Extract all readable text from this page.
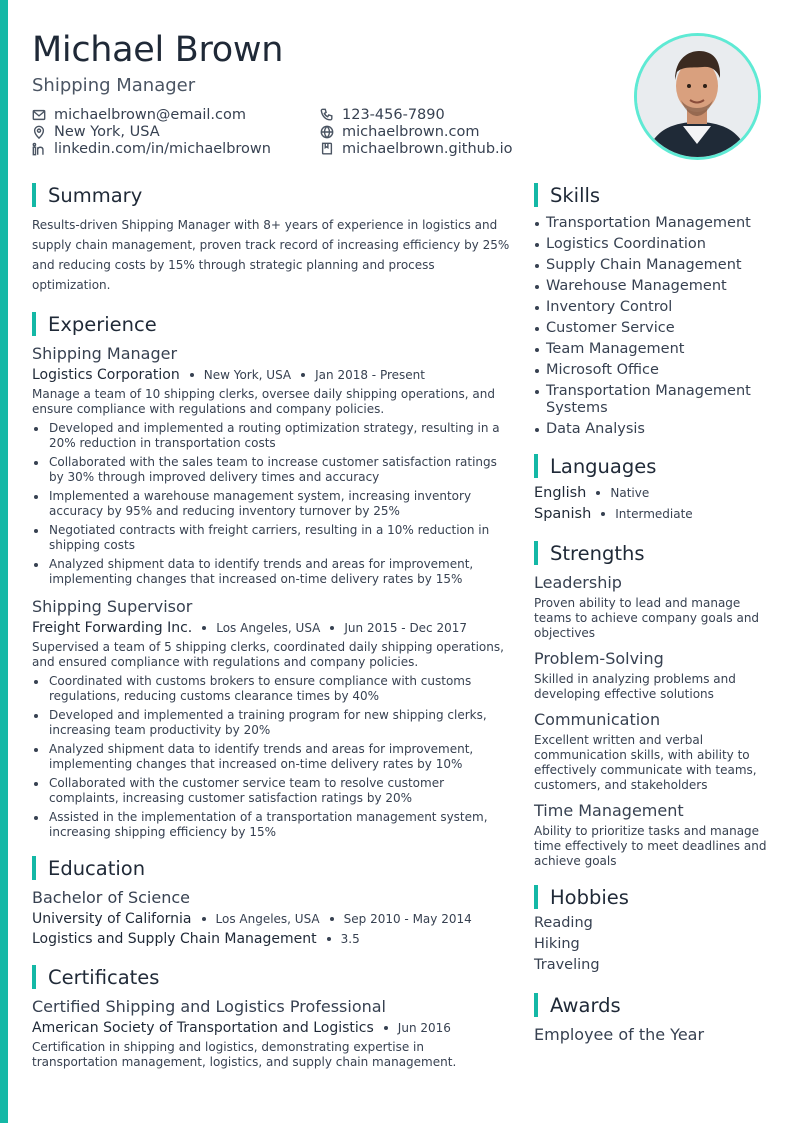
Michael Brown
Shipping Manager
michaelbrown@email.com	123-456-7890
New York, USA	michaelbrown.com
linkedin.com/in/michaelbrown	michaelbrown.github.io
Summary
Results-driven Shipping Manager with 8+ years of experience in logistics and supply chain management, proven track record of increasing efficiency by 25% and reducing costs by 15% through strategic planning and process optimization.
Experience
Shipping Manager
Logistics Corporation New York, USA Jan 2018 - Present
Manage a team of 10 shipping clerks, oversee daily shipping operations, and ensure compliance with regulations and company policies.
Developed and implemented a routing optimization strategy, resulting in a 20% reduction in transportation costs
Collaborated with the sales team to increase customer satisfaction ratings by 30% through improved delivery times and accuracy
Implemented a warehouse management system, increasing inventory accuracy by 95% and reducing inventory turnover by 25%
Negotiated contracts with freight carriers, resulting in a 10% reduction in shipping costs
Analyzed shipment data to identify trends and areas for improvement, implementing changes that increased on-time delivery rates by 15%
Shipping Supervisor
Freight Forwarding Inc. Los Angeles, USA Jun 2015 - Dec 2017
Supervised a team of 5 shipping clerks, coordinated daily shipping operations, and ensured compliance with regulations and company policies.
Coordinated with customs brokers to ensure compliance with customs regulations, reducing customs clearance times by 40%
Developed and implemented a training program for new shipping clerks, increasing team productivity by 20%
Analyzed shipment data to identify trends and areas for improvement, implementing changes that increased on-time delivery rates by 10%
Collaborated with the customer service team to resolve customer complaints, increasing customer satisfaction ratings by 20%
Assisted in the implementation of a transportation management system, increasing shipping efficiency by 15%
Education
Bachelor of Science
University of California Los Angeles, USA Sep 2010 - May 2014
Logistics and Supply Chain Management 3.5
Certificates
Certified Shipping and Logistics Professional
American Society of Transportation and Logistics Jun 2016
Certification in shipping and logistics, demonstrating expertise in transportation management, logistics, and supply chain management.
Skills
Transportation Management
Logistics Coordination
Supply Chain Management
Warehouse Management
Inventory Control
Customer Service
Team Management
Microsoft Office
Transportation Management Systems
Data Analysis
Languages
English Native
Spanish Intermediate
Strengths
Leadership
Proven ability to lead and manage teams to achieve company goals and objectives
Problem-Solving
Skilled in analyzing problems and developing effective solutions
Communication
Excellent written and verbal communication skills, with ability to effectively communicate with teams, customers, and stakeholders
Time Management
Ability to prioritize tasks and manage time effectively to meet deadlines and achieve goals
Hobbies
Reading
Hiking
Traveling
Awards
Employee of the Year
